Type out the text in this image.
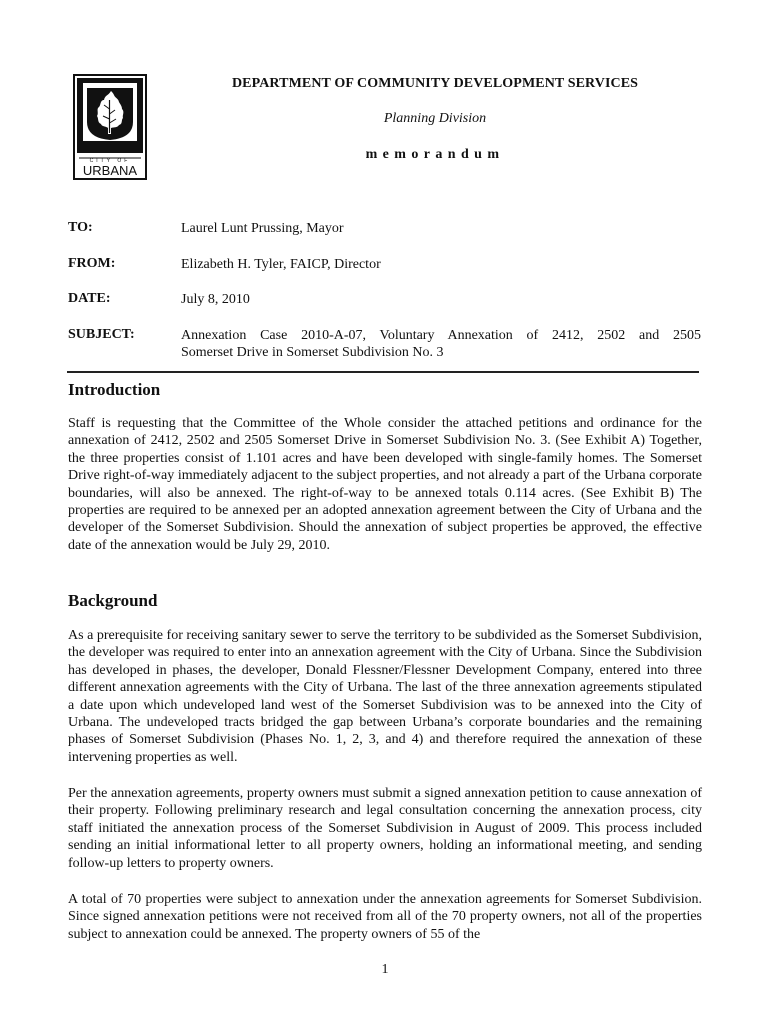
CITY OF
URBANA
DEPARTMENT OF COMMUNITY DEVELOPMENT SERVICES
Planning Division
memorandum
TO:	Laurel Lunt Prussing, Mayor
FROM:	Elizabeth H. Tyler, FAICP, Director
DATE:	July 8, 2010
SUBJECT:	Annexation Case 2010-A-07, Voluntary Annexation of 2412, 2502 and 2505
Somerset Drive in Somerset Subdivision No. 3
Introduction
Staff is requesting that the Committee of the Whole consider the attached petitions and ordinance for the annexation of 2412, 2502 and 2505 Somerset Drive in Somerset Subdivision No. 3. (See Exhibit A) Together, the three properties consist of 1.101 acres and have been developed with single-family homes. The Somerset Drive right-of-way immediately adjacent to the subject properties, and not already a part of the Urbana corporate boundaries, will also be annexed. The right-of-way to be annexed totals 0.114 acres. (See Exhibit B) The properties are required to be annexed per an adopted annexation agreement between the City of Urbana and the developer of the Somerset Subdivision. Should the annexation of subject properties be approved, the effective date of the annexation would be July 29, 2010.
Background
As a prerequisite for receiving sanitary sewer to serve the territory to be subdivided as the Somerset Subdivision, the developer was required to enter into an annexation agreement with the City of Urbana. Since the Subdivision has developed in phases, the developer, Donald Flessner/Flessner Development Company, entered into three different annexation agreements with the City of Urbana. The last of the three annexation agreements stipulated a date upon which undeveloped land west of the Somerset Subdivision was to be annexed into the City of Urbana. The undeveloped tracts bridged the gap between Urbana’s corporate boundaries and the remaining phases of Somerset Subdivision (Phases No. 1, 2, 3, and 4) and therefore required the annexation of these intervening properties as well.
Per the annexation agreements, property owners must submit a signed annexation petition to cause annexation of their property. Following preliminary research and legal consultation concerning the annexation process, city staff initiated the annexation process of the Somerset Subdivision in August of 2009. This process included sending an initial informational letter to all property owners, holding an informational meeting, and sending follow-up letters to property owners.
A total of 70 properties were subject to annexation under the annexation agreements for Somerset Subdivision. Since signed annexation petitions were not received from all of the 70 property owners, not all of the properties subject to annexation could be annexed. The property owners of 55 of the
1
